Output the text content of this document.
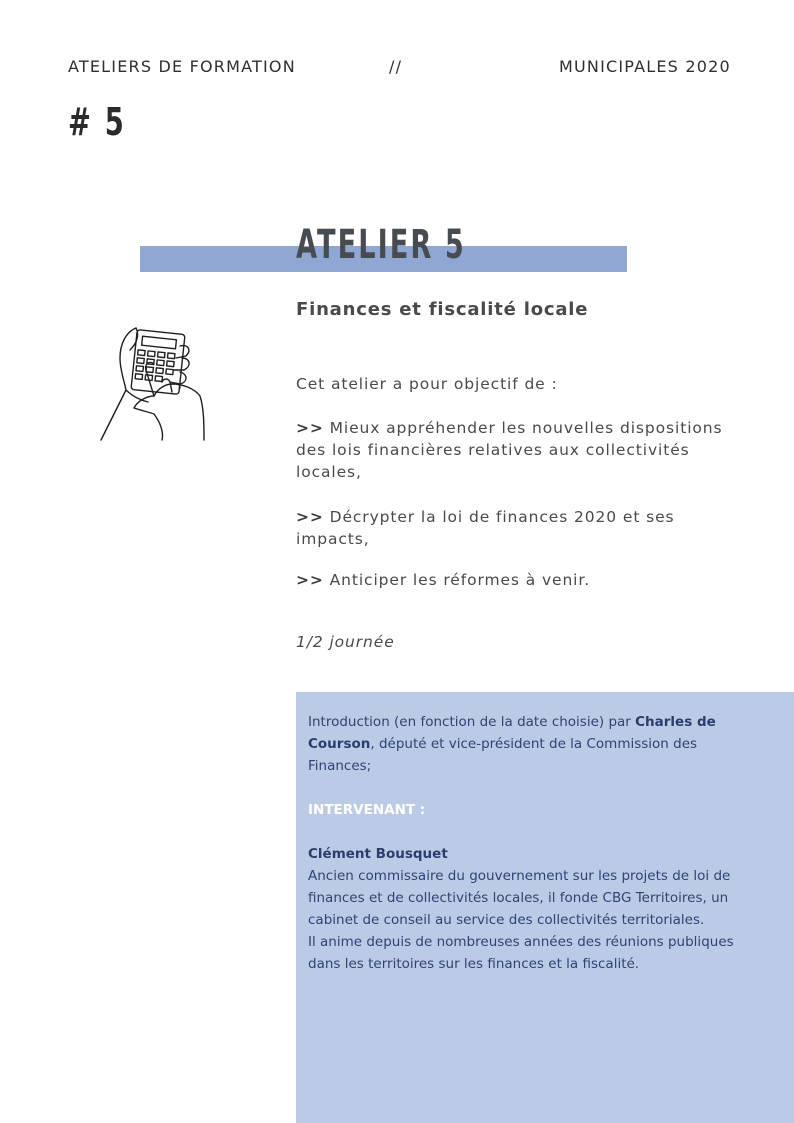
ATELIERS DE FORMATION	//	MUNICIPALES 2020
# 5
ATELIER 5
Finances et fiscalité locale
Cet atelier a pour objectif de :
>> Mieux appréhender les nouvelles dispositions des lois financières relatives aux collectivités locales,
>> Décrypter la loi de finances 2020 et ses impacts,
>> Anticiper les réformes à venir.
1/2 journée
Introduction (en fonction de la date choisie) par Charles de Courson, député et vice-président de la Commission des Finances;
INTERVENANT :
Clément Bousquet
Ancien commissaire du gouvernement sur les projets de loi de finances et de collectivités locales, il fonde CBG Territoires, un cabinet de conseil au service des collectivités territoriales.
Il anime depuis de nombreuses années des réunions publiques dans les territoires sur les finances et la fiscalité.
